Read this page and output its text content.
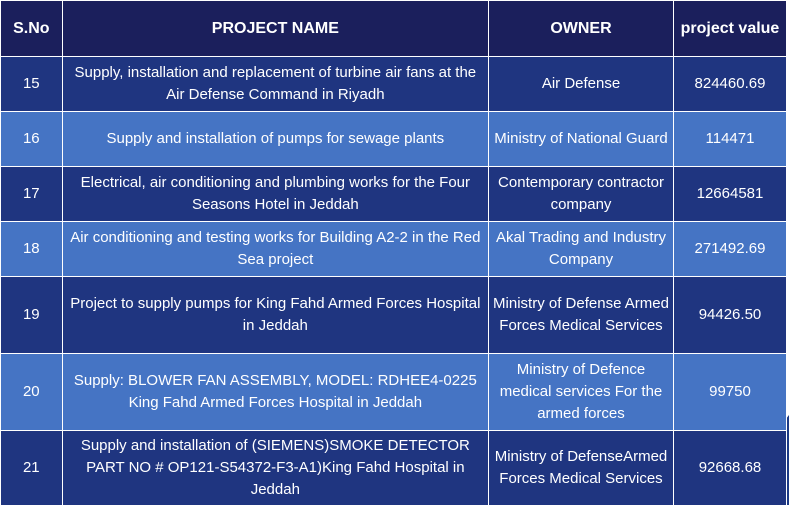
S.No	PROJECT NAME	OWNER	project value
15	Supply, installation and replacement of turbine air fans at the Air Defense Command in Riyadh	Air Defense	824460.69
16	Supply and installation of pumps for sewage plants	Ministry of National Guard	114471
17	Electrical, air conditioning and plumbing works for the Four Seasons Hotel in Jeddah	Contemporary contractor company	12664581
18	Air conditioning and testing works for Building A2-2 in the Red Sea project	Akal Trading and Industry Company	271492.69
19	Project to supply pumps for King Fahd Armed Forces Hospital in Jeddah	Ministry of Defense Armed Forces Medical Services	94426.50
20	Supply: BLOWER FAN ASSEMBLY, MODEL: RDHEE4-0225 King Fahd Armed Forces Hospital in Jeddah	Ministry of Defence medical services For the armed forces	99750
21	Supply and installation of (SIEMENS)SMOKE DETECTOR PART NO # OP121-S54372-F3-A1)King Fahd Hospital in Jeddah	Ministry of DefenseArmed Forces Medical Services	92668.68
